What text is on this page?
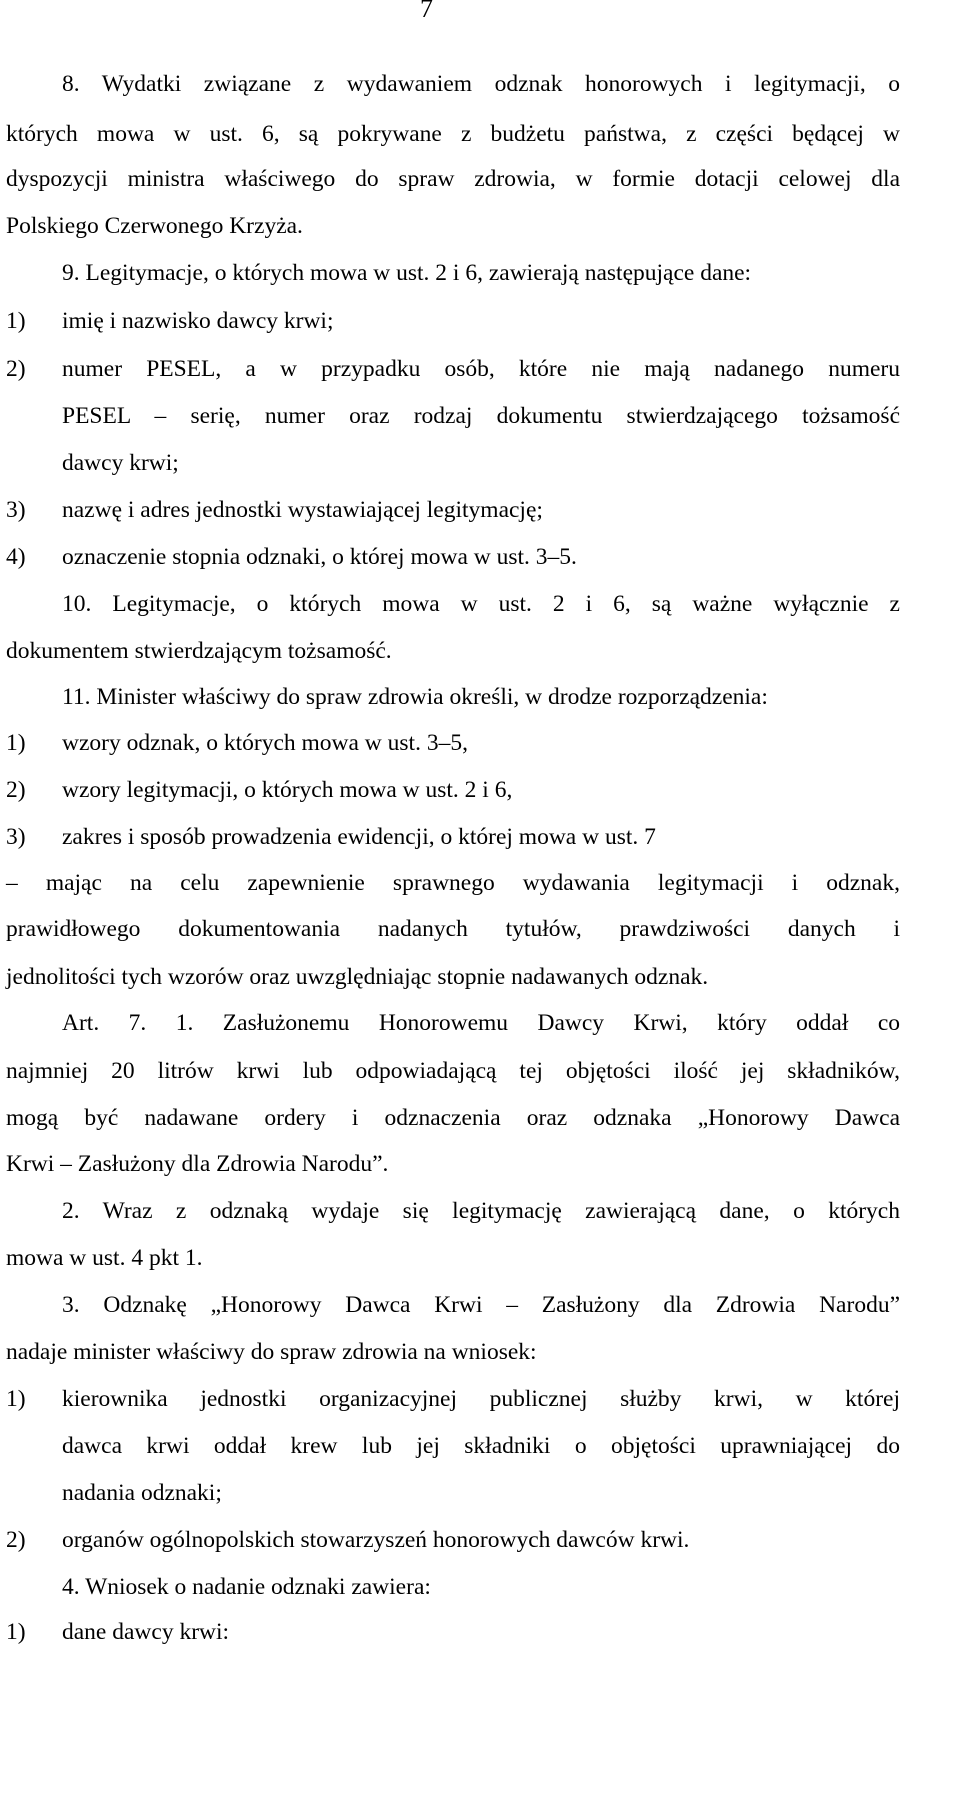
7
8. Wydatki związane z wydawaniem odznak honorowych i legitymacji, o
których mowa w ust. 6, są pokrywane z budżetu państwa, z części będącej w
dyspozycji ministra właściwego do spraw zdrowia, w formie dotacji celowej dla
Polskiego Czerwonego Krzyża.
9. Legitymacje, o których mowa w ust. 2 i 6, zawierają następujące dane:
1) imię i nazwisko dawcy krwi;
2) numer PESEL, a w przypadku osób, które nie mają nadanego numeru
PESEL – serię, numer oraz rodzaj dokumentu stwierdzającego tożsamość
dawcy krwi;
3) nazwę i adres jednostki wystawiającej legitymację;
4) oznaczenie stopnia odznaki, o której mowa w ust. 3–5.
10. Legitymacje, o których mowa w ust. 2 i 6, są ważne wyłącznie z
dokumentem stwierdzającym tożsamość.
11. Minister właściwy do spraw zdrowia określi, w drodze rozporządzenia:
1) wzory odznak, o których mowa w ust. 3–5,
2) wzory legitymacji, o których mowa w ust. 2 i 6,
3) zakres i sposób prowadzenia ewidencji, o której mowa w ust. 7
– mając na celu zapewnienie sprawnego wydawania legitymacji i odznak,
prawidłowego dokumentowania nadanych tytułów, prawdziwości danych i
jednolitości tych wzorów oraz uwzględniając stopnie nadawanych odznak.
Art. 7. 1. Zasłużonemu Honorowemu Dawcy Krwi, który oddał co
najmniej 20 litrów krwi lub odpowiadającą tej objętości ilość jej składników,
mogą być nadawane ordery i odznaczenia oraz odznaka „Honorowy Dawca
Krwi – Zasłużony dla Zdrowia Narodu”.
2. Wraz z odznaką wydaje się legitymację zawierającą dane, o których
mowa w ust. 4 pkt 1.
3. Odznakę „Honorowy Dawca Krwi – Zasłużony dla Zdrowia Narodu”
nadaje minister właściwy do spraw zdrowia na wniosek:
1) kierownika jednostki organizacyjnej publicznej służby krwi, w której
dawca krwi oddał krew lub jej składniki o objętości uprawniającej do
nadania odznaki;
2) organów ogólnopolskich stowarzyszeń honorowych dawców krwi.
4. Wniosek o nadanie odznaki zawiera:
1) dane dawcy krwi:
